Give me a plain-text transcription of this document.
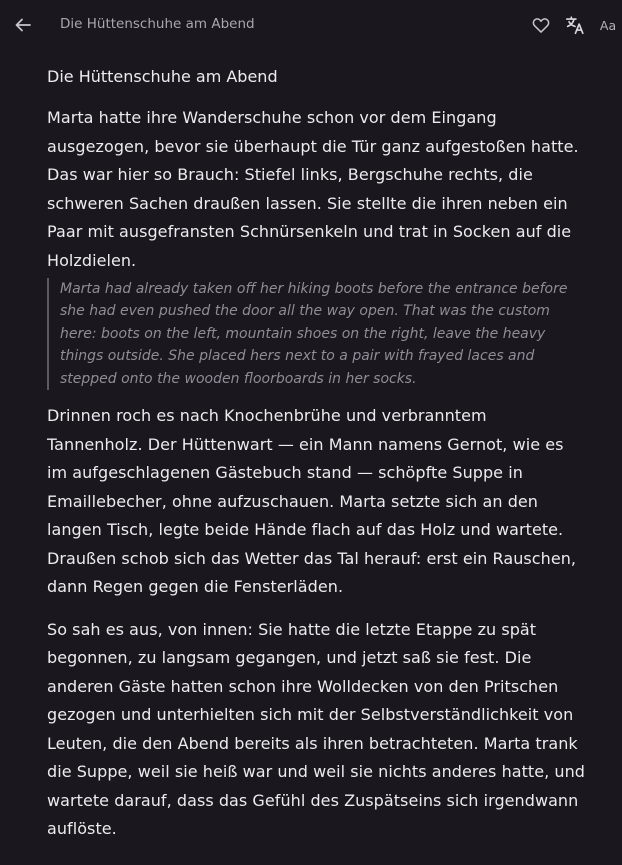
Die Hüttenschuhe am Abend	Aa
Die Hüttenschuhe am Abend

Marta hatte ihre Wanderschuhe schon vor dem Eingang ausgezogen, bevor sie überhaupt die Tür ganz aufgestoßen hatte. Das war hier so Brauch: Stiefel links, Bergschuhe rechts, die schweren Sachen draußen lassen. Sie stellte die ihren neben ein Paar mit ausgefransten Schnürsenkeln und trat in Socken auf die Holzdielen.

Marta had already taken off her hiking boots before the entrance before she had even pushed the door all the way open. That was the custom here: boots on the left, mountain shoes on the right, leave the heavy things outside. She placed hers next to a pair with frayed laces and stepped onto the wooden floorboards in her socks.

Drinnen roch es nach Knochenbrühe und verbranntem Tannenholz. Der Hüttenwart — ein Mann namens Gernot, wie es im aufgeschlagenen Gästebuch stand — schöpfte Suppe in Emaillebecher, ohne aufzuschauen. Marta setzte sich an den langen Tisch, legte beide Hände flach auf das Holz und wartete. Draußen schob sich das Wetter das Tal herauf: erst ein Rauschen, dann Regen gegen die Fensterläden.

So sah es aus, von innen: Sie hatte die letzte Etappe zu spät begonnen, zu langsam gegangen, und jetzt saß sie fest. Die anderen Gäste hatten schon ihre Wolldecken von den Pritschen gezogen und unterhielten sich mit der Selbstverständlichkeit von Leuten, die den Abend bereits als ihren betrachteten. Marta trank die Suppe, weil sie heiß war und weil sie nichts anderes hatte, und wartete darauf, dass das Gefühl des Zuspätseins sich irgendwann auflöste.
